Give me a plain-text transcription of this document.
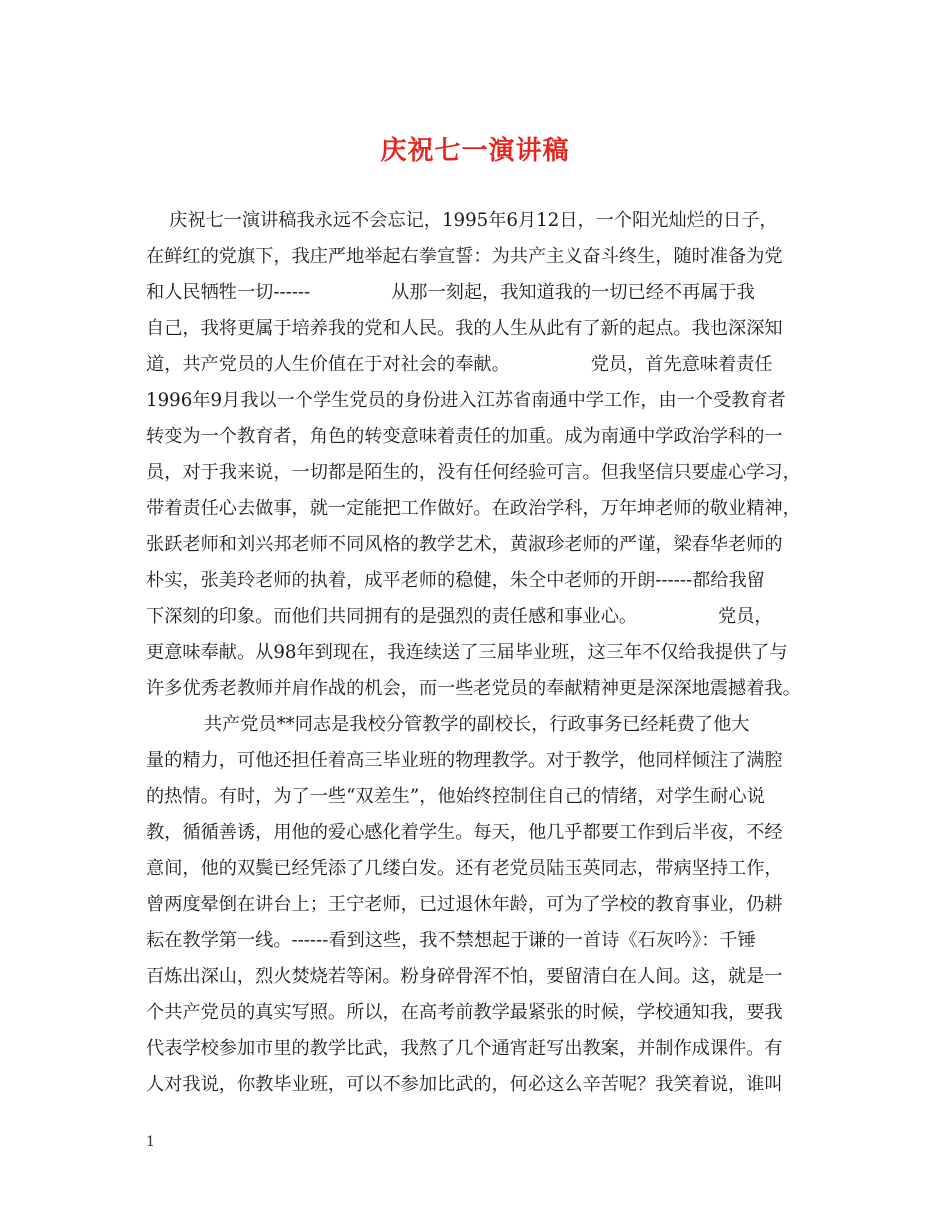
庆祝七一演讲稿
庆祝七一演讲稿我永远不会忘记，1995年6月12日，一个阳光灿烂的日子，
在鲜红的党旗下，我庄严地举起右拳宣誓：为共产主义奋斗终生，随时准备为党
和人民牺牲一切------              从那一刻起，我知道我的一切已经不再属于我
自己，我将更属于培养我的党和人民。我的人生从此有了新的起点。我也深深知
道，共产党员的人生价值在于对社会的奉献。              党员，首先意味着责任
1996年9月我以一个学生党员的身份进入江苏省南通中学工作，由一个受教育者
转变为一个教育者，角色的转变意味着责任的加重。成为南通中学政治学科的一
员，对于我来说，一切都是陌生的，没有任何经验可言。但我坚信只要虚心学习，
带着责任心去做事，就一定能把工作做好。在政治学科，万年坤老师的敬业精神，
张跃老师和刘兴邦老师不同风格的教学艺术，黄淑珍老师的严谨，梁春华老师的
朴实，张美玲老师的执着，成平老师的稳健，朱仝中老师的开朗------都给我留
下深刻的印象。而他们共同拥有的是强烈的责任感和事业心。              党员，
更意味奉献。从98年到现在，我连续送了三届毕业班，这三年不仅给我提供了与
许多优秀老教师并肩作战的机会，而一些老党员的奉献精神更是深深地震撼着我。
共产党员**同志是我校分管教学的副校长，行政事务已经耗费了他大
量的精力，可他还担任着高三毕业班的物理教学。对于教学，他同样倾注了满腔
的热情。有时，为了一些“双差生”，他始终控制住自己的情绪，对学生耐心说
教，循循善诱，用他的爱心感化着学生。每天，他几乎都要工作到后半夜，不经
意间，他的双鬓已经凭添了几缕白发。还有老党员陆玉英同志，带病坚持工作，
曾两度晕倒在讲台上；王宁老师，已过退休年龄，可为了学校的教育事业，仍耕
耘在教学第一线。------看到这些，我不禁想起于谦的一首诗《石灰吟》：千锤
百炼出深山，烈火焚烧若等闲。粉身碎骨浑不怕，要留清白在人间。这，就是一
个共产党员的真实写照。所以，在高考前教学最紧张的时候，学校通知我，要我
代表学校参加市里的教学比武，我熬了几个通宵赶写出教案，并制作成课件。有
人对我说，你教毕业班，可以不参加比武的，何必这么辛苦呢？我笑着说，谁叫
1
